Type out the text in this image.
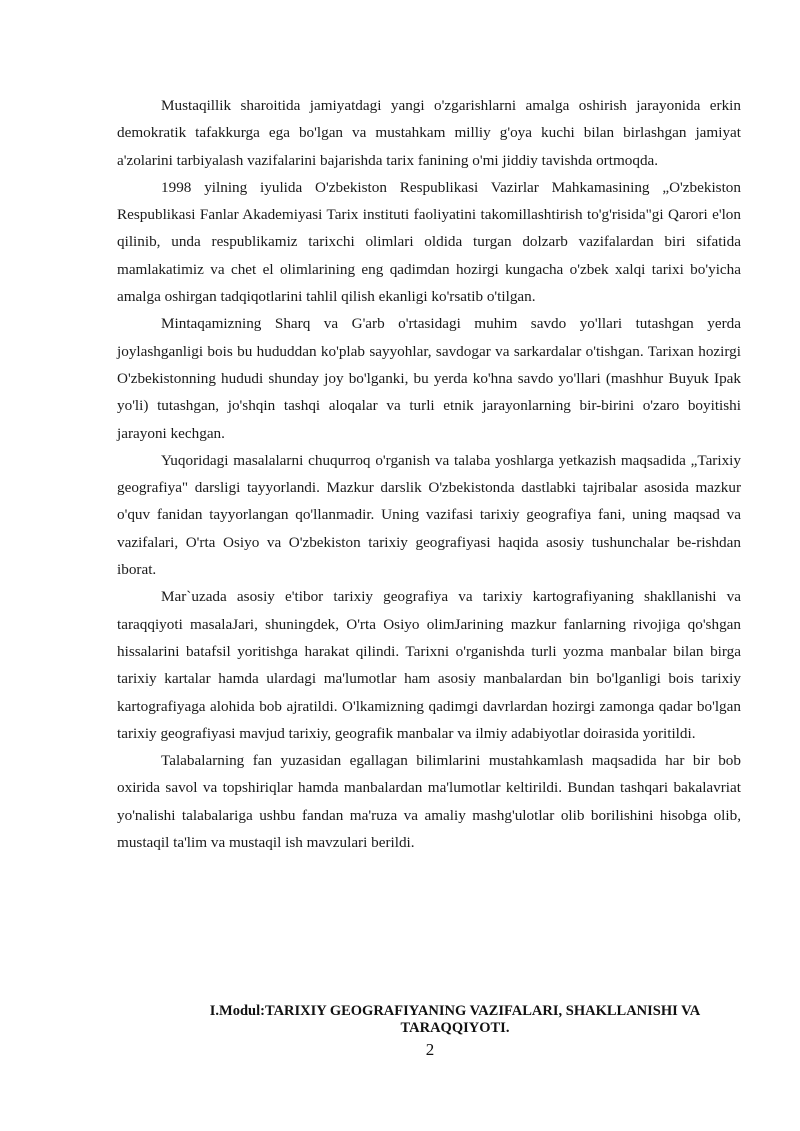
Mustaqillik sharoitida jamiyatdagi yangi o'zgarishlarni amalga oshirish jarayonida erkin demokratik tafakkurga ega bo'lgan va mustahkam milliy g'oya kuchi bilan birlashgan jamiyat a'zolarini tarbiyalash vazifalarini bajarishda tarix fanining o'mi jiddiy tavishda ortmoqda.

1998 yilning iyulida O'zbekiston Respublikasi Vazirlar Mahkamasining „O'zbekiston Respublikasi Fanlar Akademiyasi Tarix instituti faoliyatini takomillashtirish to'g'risida"gi Qarori e'lon qilinib, unda respublikamiz tarixchi olimlari oldida turgan dolzarb vazifalardan biri sifatida mamlakatimiz va chet el olimlarining eng qadimdan hozirgi kungacha o'zbek xalqi tarixi bo'yicha amalga oshirgan tadqiqotlarini tahlil qilish ekanligi ko'rsatib o'tilgan.

Mintaqamizning Sharq va G'arb o'rtasidagi muhim savdo yo'llari tutashgan yerda joylashganligi bois bu hududdan ko'plab sayyohlar, savdogar va sarkardalar o'tishgan. Tarixan hozirgi O'zbekistonning hududi shunday joy bo'lganki, bu yerda ko'hna savdo yo'llari (mashhur Buyuk Ipak yo'li) tutashgan, jo'shqin tashqi aloqalar va turli etnik jarayonlarning bir-birini o'zaro boyitishi jarayoni kechgan.

Yuqoridagi masalalarni chuqurroq o'rganish va talaba yoshlarga yetkazish maqsadida „Tarixiy geografiya" darsligi tayyorlandi. Mazkur darslik O'zbekistonda dastlabki tajribalar asosida mazkur o'quv fanidan tayyorlangan qo'llanmadir. Uning vazifasi tarixiy geografiya fani, uning maqsad va vazifalari, O'rta Osiyo va O'zbekiston tarixiy geografiyasi haqida asosiy tushunchalar be-rishdan iborat.

Mar`uzada asosiy e'tibor tarixiy geografiya va tarixiy kartografiyaning shakllanishi va taraqqiyoti masalaJari, shuningdek, O'rta Osiyo olimJarining mazkur fanlarning rivojiga qo'shgan hissalarini batafsil yoritishga harakat qilindi. Tarixni o'rganishda turli yozma manbalar bilan birga tarixiy kartalar hamda ulardagi ma'lumotlar ham asosiy manbalardan bin bo'lganligi bois tarixiy kartografiyaga alohida bob ajratildi. O'lkamizning qadimgi davrlardan hozirgi zamonga qadar bo'lgan tarixiy geografiyasi mavjud tarixiy, geografik manbalar va ilmiy adabiyotlar doirasida yoritildi.

Talabalarning fan yuzasidan egallagan bilimlarini mustahkamlash maqsadida har bir bob oxirida savol va topshiriqlar hamda manbalardan ma'lumotlar keltirildi. Bundan tashqari bakalavriat yo'nalishi talabalariga ushbu fandan ma'ruza va amaliy mashg'ulotlar olib borilishini hisobga olib, mustaqil ta'lim va mustaqil ish mavzulari berildi.

I.Modul:TARIXIY GEOGRAFIYANING VAZIFALARI, SHAKLLANISHI VA TARAQQIYOTI.

2
